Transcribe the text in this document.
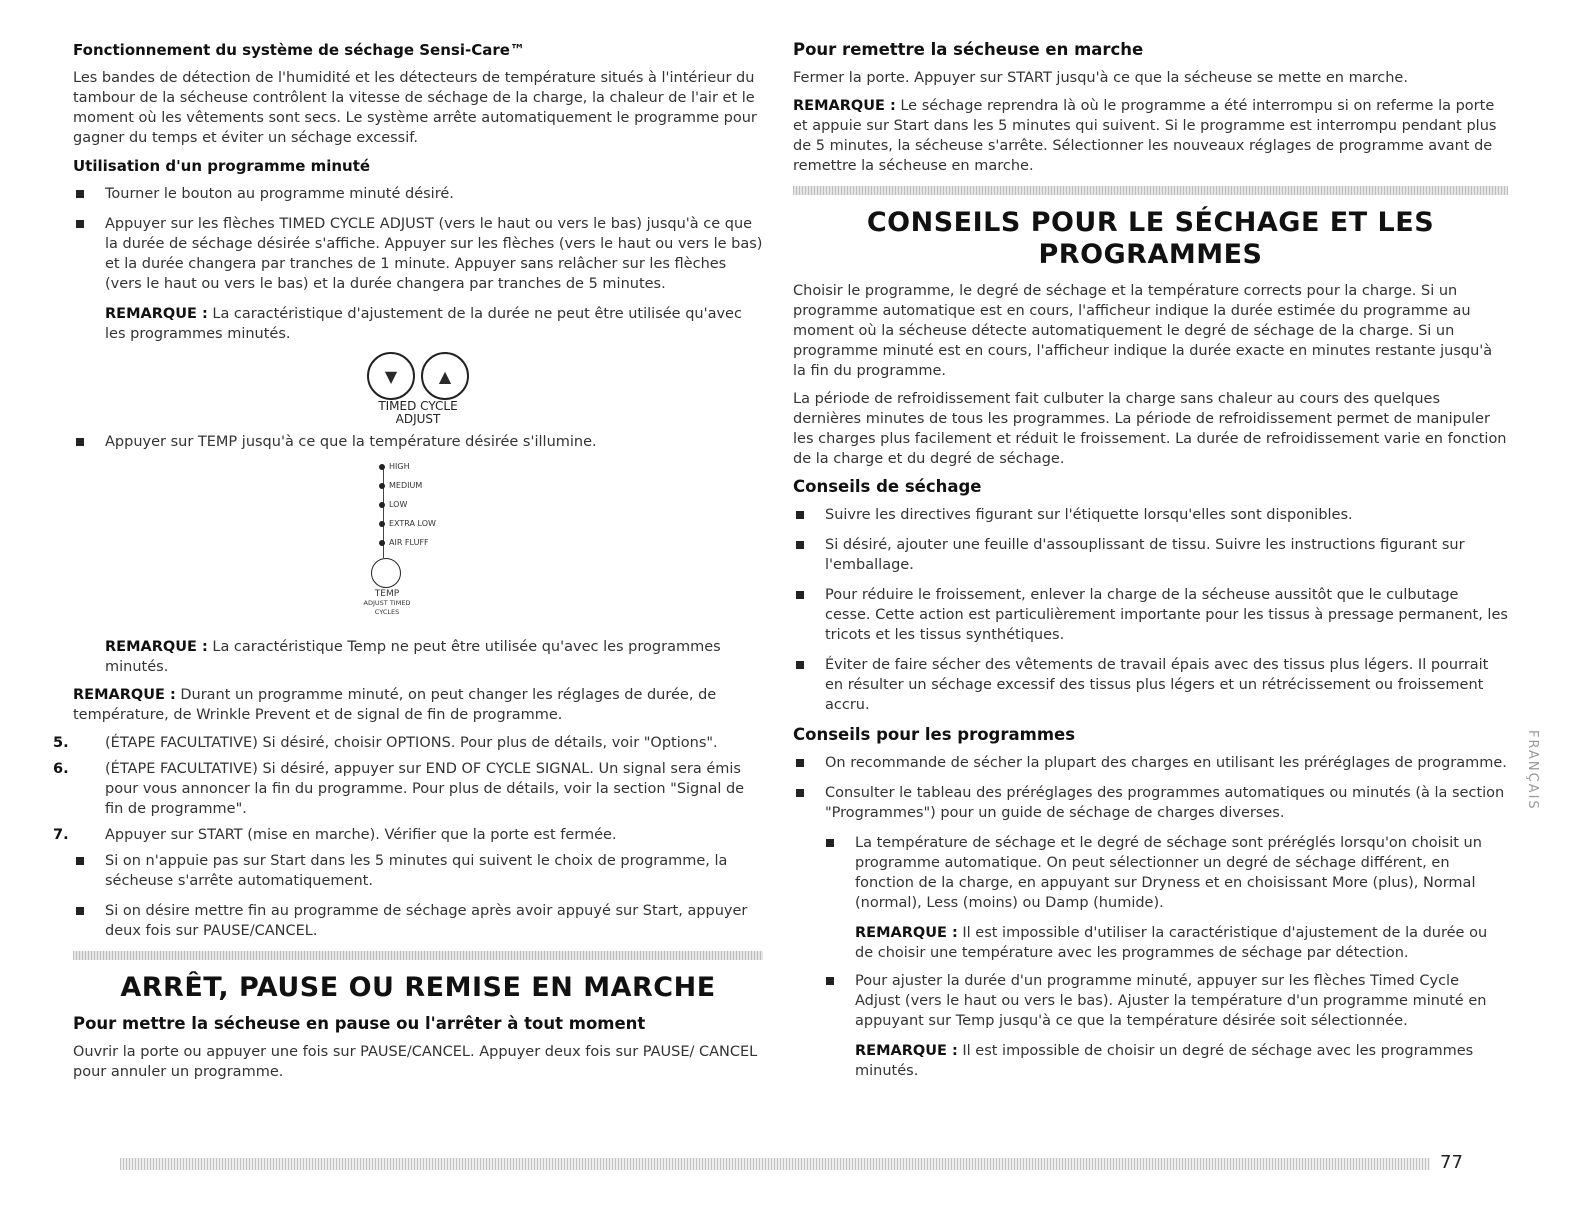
Fonctionnement du système de séchage Sensi-Care™
Les bandes de détection de l'humidité et les détecteurs de température situés à l'intérieur du tambour de la sécheuse contrôlent la vitesse de séchage de la charge, la chaleur de l'air et le moment où les vêtements sont secs. Le système arrête automatiquement le programme pour gagner du temps et éviter un séchage excessif.
Utilisation d'un programme minuté
Tourner le bouton au programme minuté désiré.
Appuyer sur les flèches TIMED CYCLE ADJUST (vers le haut ou vers le bas) jusqu'à ce que la durée de séchage désirée s'affiche. Appuyer sur les flèches (vers le haut ou vers le bas) et la durée changera par tranches de 1 minute. Appuyer sans relâcher sur les flèches (vers le haut ou vers le bas) et la durée changera par tranches de 5 minutes.
REMARQUE : La caractéristique d'ajustement de la durée ne peut être utilisée qu'avec les programmes minutés.
▼	▲
TIMED CYCLE
ADJUST
Appuyer sur TEMP jusqu'à ce que la température désirée s'illumine.
HIGH
MEDIUM
LOW
EXTRA LOW
AIR FLUFF
TEMP
ADJUST TIMED
CYCLES
REMARQUE : La caractéristique Temp ne peut être utilisée qu'avec les programmes minutés.
REMARQUE : Durant un programme minuté, on peut changer les réglages de durée, de température, de Wrinkle Prevent et de signal de fin de programme.
5.	(ÉTAPE FACULTATIVE) Si désiré, choisir OPTIONS. Pour plus de détails, voir "Options".
6.	(ÉTAPE FACULTATIVE) Si désiré, appuyer sur END OF CYCLE SIGNAL. Un signal sera émis pour vous annoncer la fin du programme. Pour plus de détails, voir la section "Signal de fin de programme".
7.	Appuyer sur START (mise en marche). Vérifier que la porte est fermée.
Si on n'appuie pas sur Start dans les 5 minutes qui suivent le choix de programme, la sécheuse s'arrête automatiquement.
Si on désire mettre fin au programme de séchage après avoir appuyé sur Start, appuyer deux fois sur PAUSE/CANCEL.
ARRÊT, PAUSE OU REMISE EN MARCHE
Pour mettre la sécheuse en pause ou l'arrêter à tout moment
Ouvrir la porte ou appuyer une fois sur PAUSE/CANCEL. Appuyer deux fois sur PAUSE/ CANCEL pour annuler un programme.
Pour remettre la sécheuse en marche
Fermer la porte. Appuyer sur START jusqu'à ce que la sécheuse se mette en marche.
REMARQUE : Le séchage reprendra là où le programme a été interrompu si on referme la porte et appuie sur Start dans les 5 minutes qui suivent. Si le programme est interrompu pendant plus de 5 minutes, la sécheuse s'arrête. Sélectionner les nouveaux réglages de programme avant de remettre la sécheuse en marche.
CONSEILS POUR LE SÉCHAGE ET LES PROGRAMMES
Choisir le programme, le degré de séchage et la température corrects pour la charge. Si un programme automatique est en cours, l'afficheur indique la durée estimée du programme au moment où la sécheuse détecte automatiquement le degré de séchage de la charge. Si un programme minuté est en cours, l'afficheur indique la durée exacte en minutes restante jusqu'à la fin du programme.
La période de refroidissement fait culbuter la charge sans chaleur au cours des quelques dernières minutes de tous les programmes. La période de refroidissement permet de manipuler les charges plus facilement et réduit le froissement. La durée de refroidissement varie en fonction de la charge et du degré de séchage.
Conseils de séchage
Suivre les directives figurant sur l'étiquette lorsqu'elles sont disponibles.
Si désiré, ajouter une feuille d'assouplissant de tissu. Suivre les instructions figurant sur l'emballage.
Pour réduire le froissement, enlever la charge de la sécheuse aussitôt que le culbutage cesse. Cette action est particulièrement importante pour les tissus à pressage permanent, les tricots et les tissus synthétiques.
Éviter de faire sécher des vêtements de travail épais avec des tissus plus légers. Il pourrait en résulter un séchage excessif des tissus plus légers et un rétrécissement ou froissement accru.
Conseils pour les programmes
On recommande de sécher la plupart des charges en utilisant les préréglages de programme.
Consulter le tableau des préréglages des programmes automatiques ou minutés (à la section "Programmes") pour un guide de séchage de charges diverses.
La température de séchage et le degré de séchage sont préréglés lorsqu'on choisit un programme automatique. On peut sélectionner un degré de séchage différent, en fonction de la charge, en appuyant sur Dryness et en choisissant More (plus), Normal (normal), Less (moins) ou Damp (humide).
REMARQUE : Il est impossible d'utiliser la caractéristique d'ajustement de la durée ou de choisir une température avec les programmes de séchage par détection.
Pour ajuster la durée d'un programme minuté, appuyer sur les flèches Timed Cycle Adjust (vers le haut ou vers le bas). Ajuster la température d'un programme minuté en appuyant sur Temp jusqu'à ce que la température désirée soit sélectionnée.
REMARQUE : Il est impossible de choisir un degré de séchage avec les programmes minutés.
FRANÇAIS
77
